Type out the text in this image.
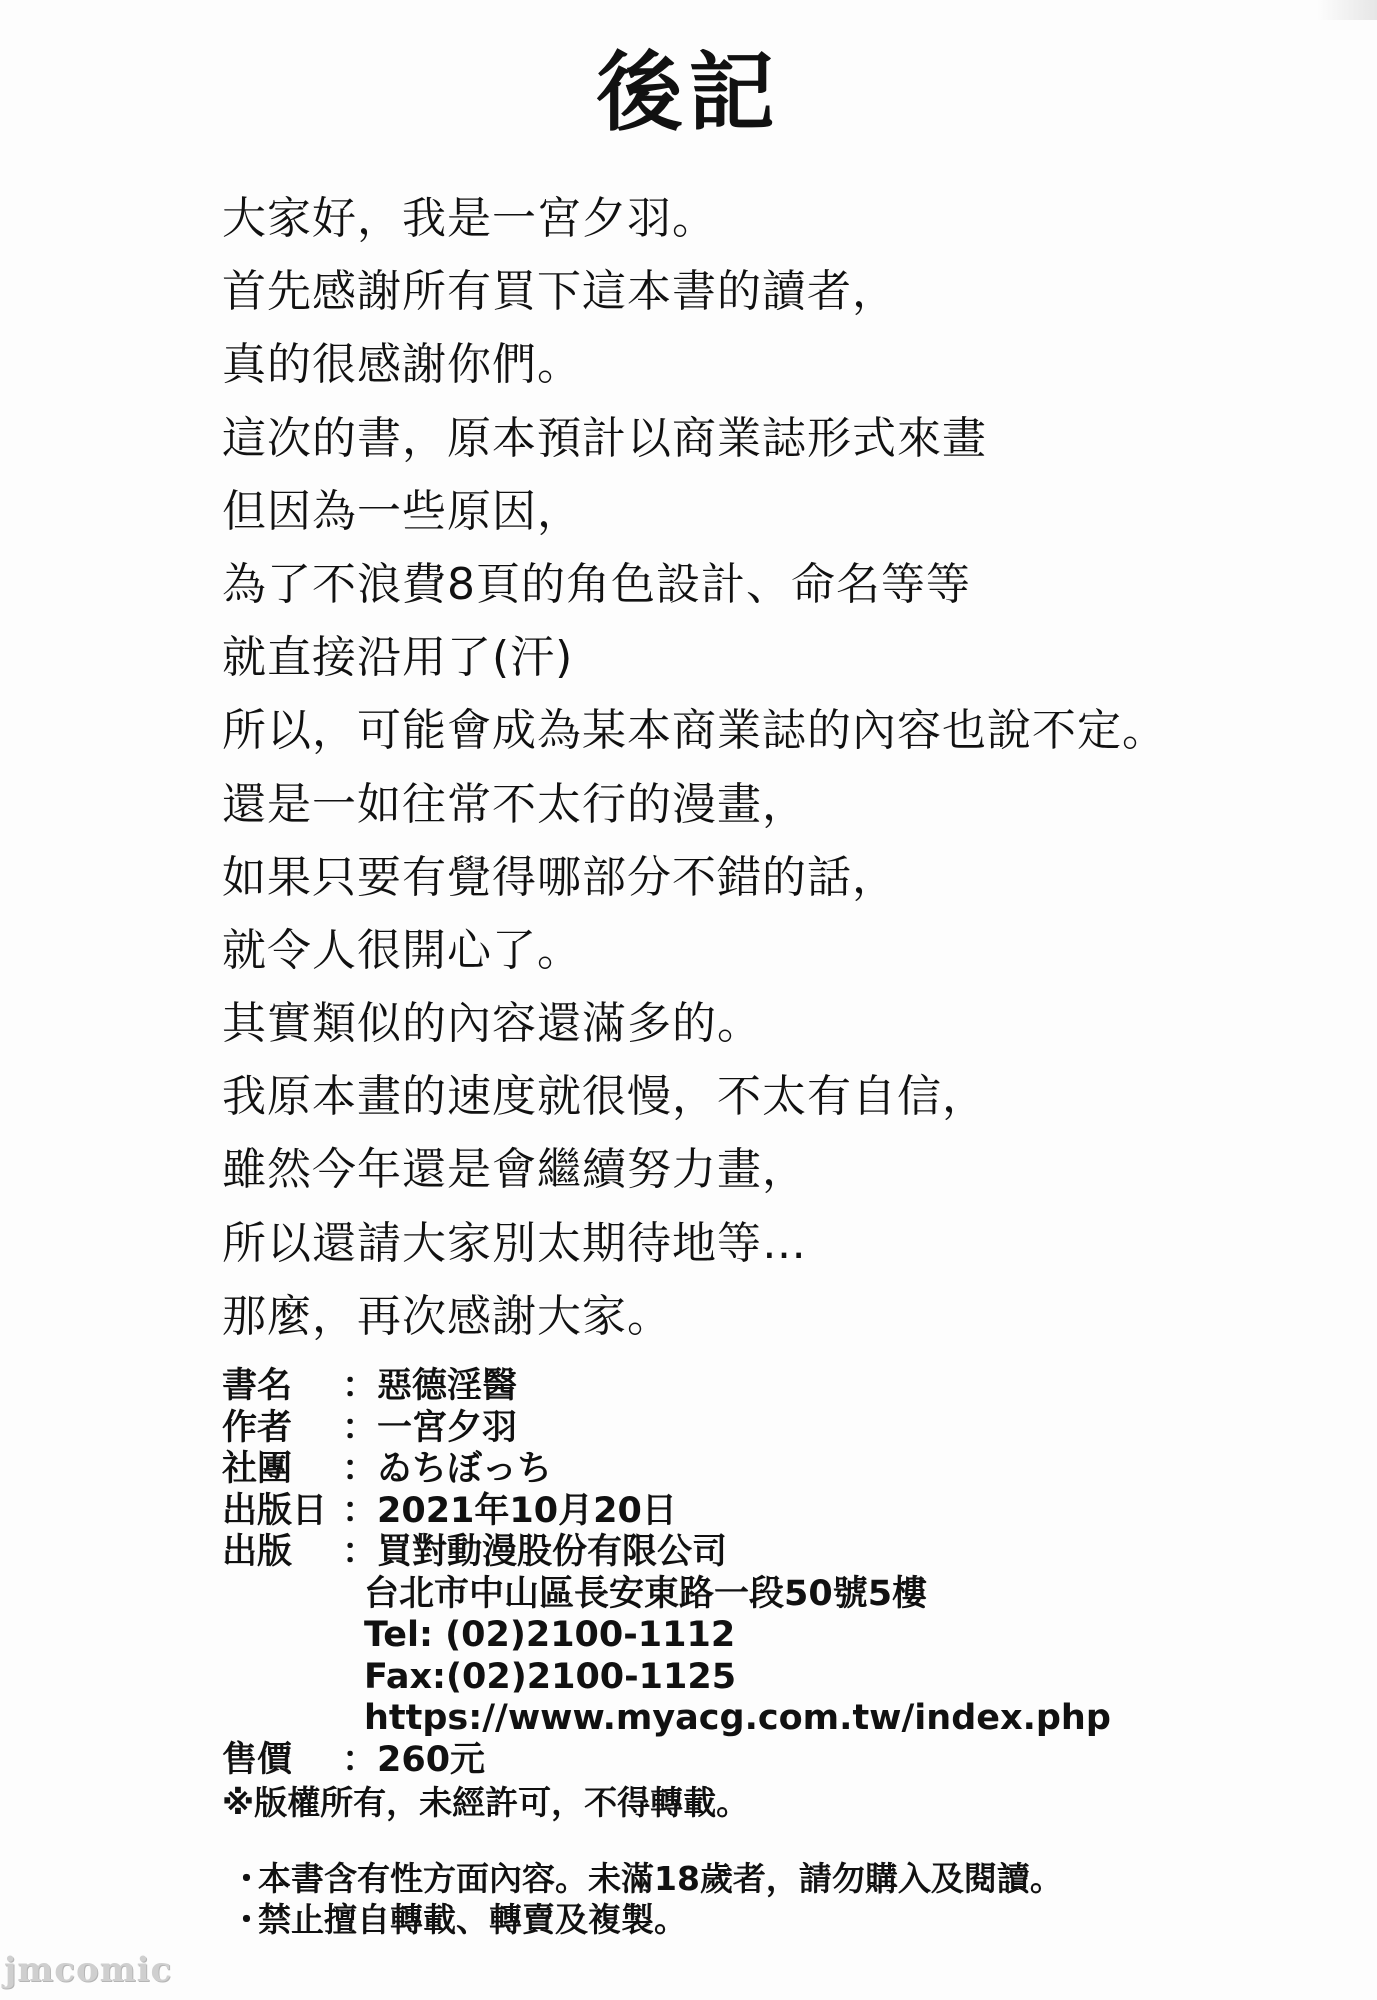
後記
大家好，我是一宮夕羽。
首先感謝所有買下這本書的讀者，
真的很感謝你們。
這次的書，原本預計以商業誌形式來畫
但因為一些原因，
為了不浪費8頁的角色設計、命名等等
就直接沿用了(汗)
所以，可能會成為某本商業誌的內容也說不定。
還是一如往常不太行的漫畫，
如果只要有覺得哪部分不錯的話，
就令人很開心了。
其實類似的內容還滿多的。
我原本畫的速度就很慢，不太有自信，
雖然今年還是會繼續努力畫，
所以還請大家別太期待地等…
那麼，再次感謝大家。
書名	：惡德淫醫
作者	：一宮夕羽
社團	：ゐちぼっち
出版日 ：2021年10月20日
出版	：買對動漫股份有限公司
台北市中山區長安東路一段50號5樓
Tel: (02)2100-1112
Fax:(02)2100-1125
https://www.myacg.com.tw/index.php
售價	：260元
※版權所有，未經許可，不得轉載。
・本書含有性方面內容。未滿18歲者，請勿購入及閱讀。
・禁止擅自轉載、轉賣及複製。
jmcomic
